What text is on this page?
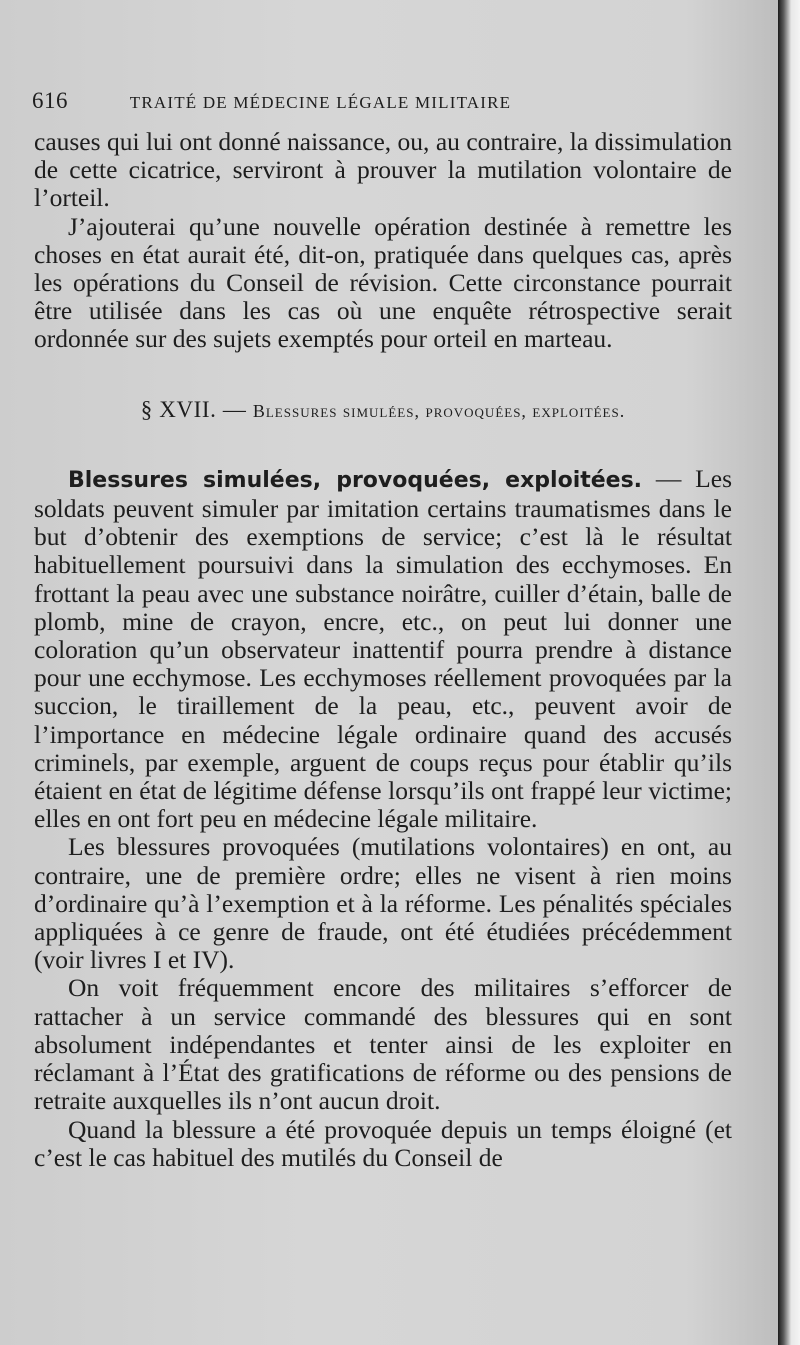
616	TRAITÉ DE MÉDECINE LÉGALE MILITAIRE

causes qui lui ont donné naissance, ou, au contraire, la dissimulation de cette cicatrice, serviront à prouver la mutilation volontaire de l’orteil.

J’ajouterai qu’une nouvelle opération destinée à remettre les choses en état aurait été, dit-on, pratiquée dans quelques cas, après les opérations du Conseil de révision. Cette circonstance pourrait être utilisée dans les cas où une enquête rétrospective serait ordonnée sur des sujets exemptés pour orteil en marteau.

§ XVII. — Blessures simulées, provoquées, exploitées.

Blessures simulées, provoquées, exploitées. — Les soldats peuvent simuler par imitation certains traumatismes dans le but d’obtenir des exemptions de service; c’est là le résultat habituellement poursuivi dans la simulation des ecchymoses. En frottant la peau avec une substance noirâtre, cuiller d’étain, balle de plomb, mine de crayon, encre, etc., on peut lui donner une coloration qu’un observateur inattentif pourra prendre à distance pour une ecchymose. Les ecchymoses réellement provoquées par la succion, le tiraillement de la peau, etc., peuvent avoir de l’importance en médecine légale ordinaire quand des accusés criminels, par exemple, arguent de coups reçus pour établir qu’ils étaient en état de légitime défense lorsqu’ils ont frappé leur victime; elles en ont fort peu en médecine légale militaire.

Les blessures provoquées (mutilations volontaires) en ont, au contraire, une de première ordre; elles ne visent à rien moins d’ordinaire qu’à l’exemption et à la réforme. Les pénalités spéciales appliquées à ce genre de fraude, ont été étudiées précédemment (voir livres I et IV).

On voit fréquemment encore des militaires s’efforcer de rattacher à un service commandé des blessures qui en sont absolument indépendantes et tenter ainsi de les exploiter en réclamant à l’État des gratifications de réforme ou des pensions de retraite auxquelles ils n’ont aucun droit.

Quand la blessure a été provoquée depuis un temps éloigné (et c’est le cas habituel des mutilés du Conseil de
